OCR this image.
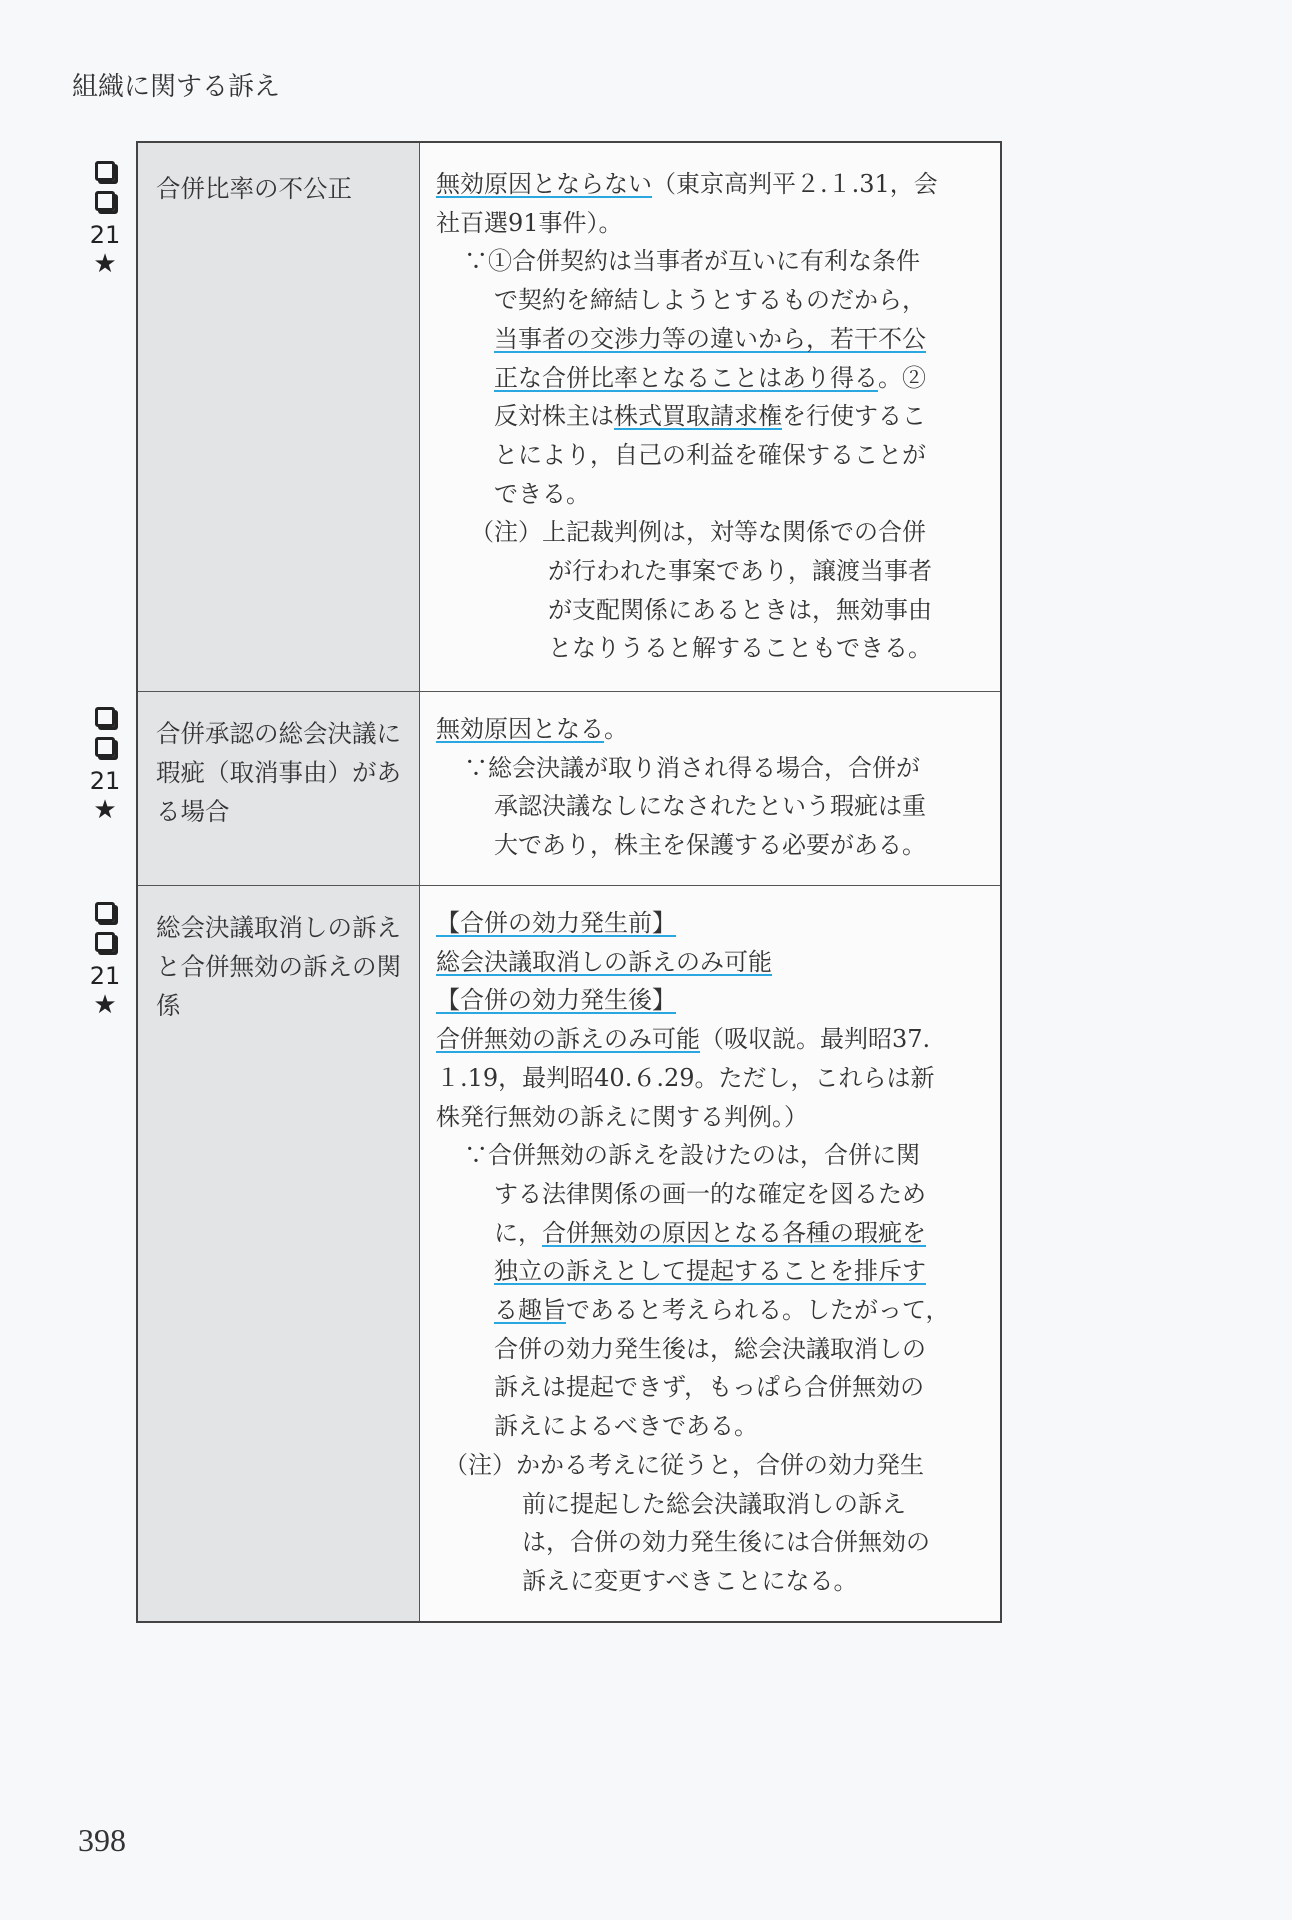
組織に関する訴え
21
★
21
★
21
★
合併比率の不公正	無効原因とならない（東京高判平２.１.31，会

社百選91事件）。

∵①合併契約は当事者が互いに有利な条件

で契約を締結しようとするものだから，

当事者の交渉力等の違いから，若干不公

正な合併比率となることはあり得る。②

反対株主は株式買取請求権を行使するこ

とにより，自己の利益を確保することが

できる。

（注）上記裁判例は，対等な関係での合併

が行われた事案であり，譲渡当事者

が支配関係にあるときは，無効事由

となりうると解することもできる。

合併承認の総会決議に瑕疵（取消事由）がある場合

無効原因となる。

∵総会決議が取り消され得る場合，合併が

承認決議なしになされたという瑕疵は重

大であり，株主を保護する必要がある。

総会決議取消しの訴えと合併無効の訴えの関係

【合併の効力発生前】

総会決議取消しの訴えのみ可能

【合併の効力発生後】

合併無効の訴えのみ可能（吸収説。最判昭37.

１.19，最判昭40.６.29。ただし，これらは新

株発行無効の訴えに関する判例。）

∵合併無効の訴えを設けたのは，合併に関

する法律関係の画一的な確定を図るため

に，合併無効の原因となる各種の瑕疵を

独立の訴えとして提起することを排斥す

る趣旨であると考えられる。したがって，

合併の効力発生後は，総会決議取消しの

訴えは提起できず，もっぱら合併無効の

訴えによるべきである。

（注）かかる考えに従うと，合併の効力発生

前に提起した総会決議取消しの訴え

は，合併の効力発生後には合併無効の

訴えに変更すべきことになる。

398
